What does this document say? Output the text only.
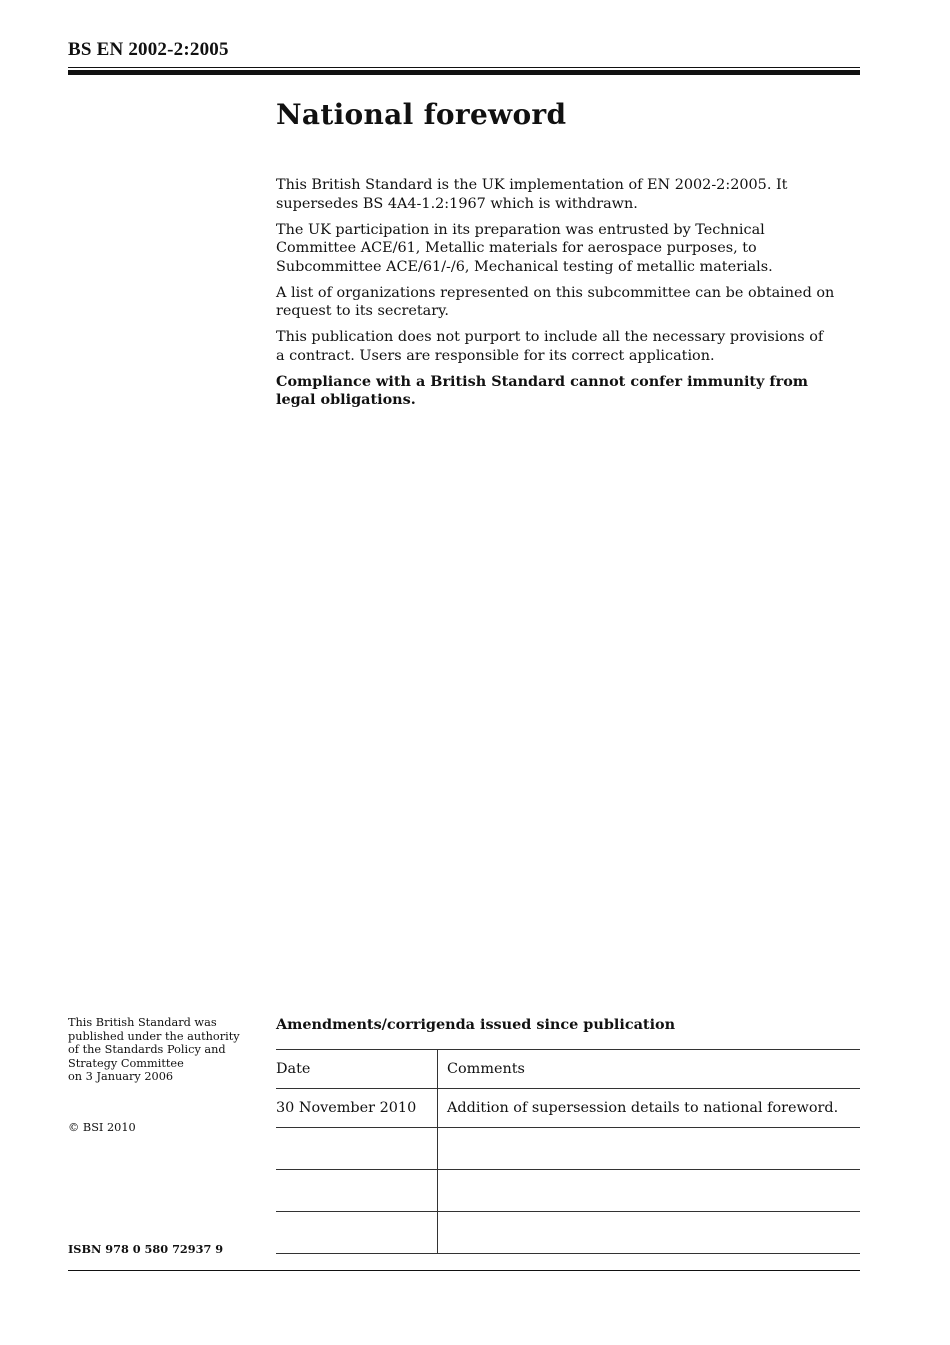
BS EN 2002-2:2005
National foreword

This British Standard is the UK implementation of EN 2002-2:2005. It supersedes BS 4A4-1.2:1967 which is withdrawn.

The UK participation in its preparation was entrusted by Technical Committee ACE/61, Metallic materials for aerospace purposes, to Subcommittee ACE/61/-/6, Mechanical testing of metallic materials.

A list of organizations represented on this subcommittee can be obtained on request to its secretary.

This publication does not purport to include all the necessary provisions of a contract. Users are responsible for its correct application.

Compliance with a British Standard cannot confer immunity from legal obligations.

This British Standard was
published under the authority
of the Standards Policy and
Strategy Committee
on 3 January 2006
© BSI 2010
ISBN 978 0 580 72937 9
Amendments/corrigenda issued since publication
Date	Comments
30 November 2010	Addition of supersession details to national foreword.
